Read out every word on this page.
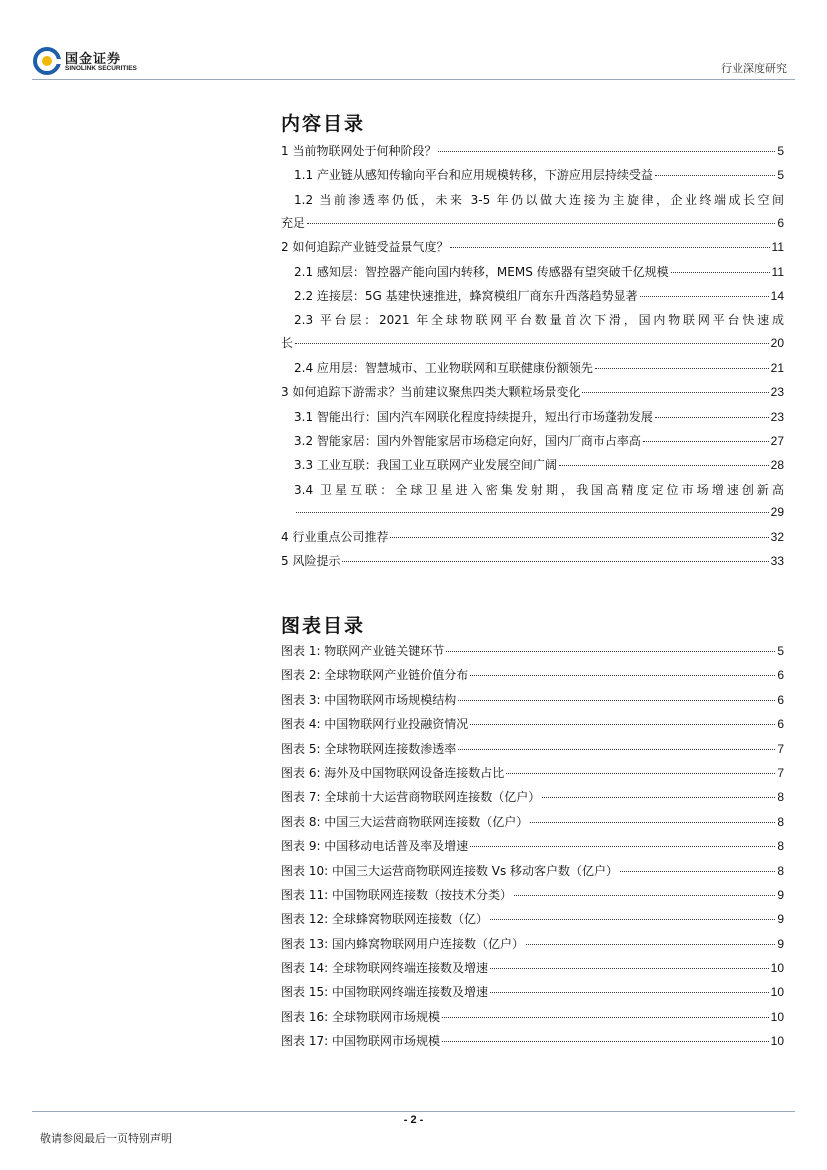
国金证券
SINOLINK SECURITIES	行业深度研究
内容目录
1 当前物联网处于何种阶段？	5
1.1 产业链从感知传输向平台和应用规模转移，下游应用层持续受益	5
1.2 当前渗透率仍低，未来 3-5 年仍以做大连接为主旋律，企业终端成长空间
充足	6
2 如何追踪产业链受益景气度？	11
2.1 感知层：智控器产能向国内转移，MEMS 传感器有望突破千亿规模	11
2.2 连接层：5G 基建快速推进，蜂窝模组厂商东升西落趋势显著	14
2.3 平台层：2021 年全球物联网平台数量首次下滑，国内物联网平台快速成
长	20
2.4 应用层：智慧城市、工业物联网和互联健康份额领先	21
3 如何追踪下游需求？当前建议聚焦四类大颗粒场景变化	23
3.1 智能出行：国内汽车网联化程度持续提升，短出行市场蓬勃发展	23
3.2 智能家居：国内外智能家居市场稳定向好，国内厂商市占率高	27
3.3 工业互联：我国工业互联网产业发展空间广阔	28
3.4 卫星互联：全球卫星进入密集发射期，我国高精度定位市场增速创新高
29
4 行业重点公司推荐	32
5 风险提示	33
图表目录
图表 1: 物联网产业链关键环节	5
图表 2: 全球物联网产业链价值分布	6
图表 3: 中国物联网市场规模结构	6
图表 4: 中国物联网行业投融资情况	6
图表 5: 全球物联网连接数渗透率	7
图表 6: 海外及中国物联网设备连接数占比	7
图表 7: 全球前十大运营商物联网连接数（亿户）	8
图表 8: 中国三大运营商物联网连接数（亿户）	8
图表 9: 中国移动电话普及率及增速	8
图表 10: 中国三大运营商物联网连接数 Vs 移动客户数（亿户）	8
图表 11: 中国物联网连接数（按技术分类）	9
图表 12: 全球蜂窝物联网连接数（亿）	9
图表 13: 国内蜂窝物联网用户连接数（亿户）	9
图表 14: 全球物联网终端连接数及增速	10
图表 15: 中国物联网终端连接数及增速	10
图表 16: 全球物联网市场规模	10
图表 17: 中国物联网市场规模	10
- 2 -
敬请参阅最后一页特别声明
